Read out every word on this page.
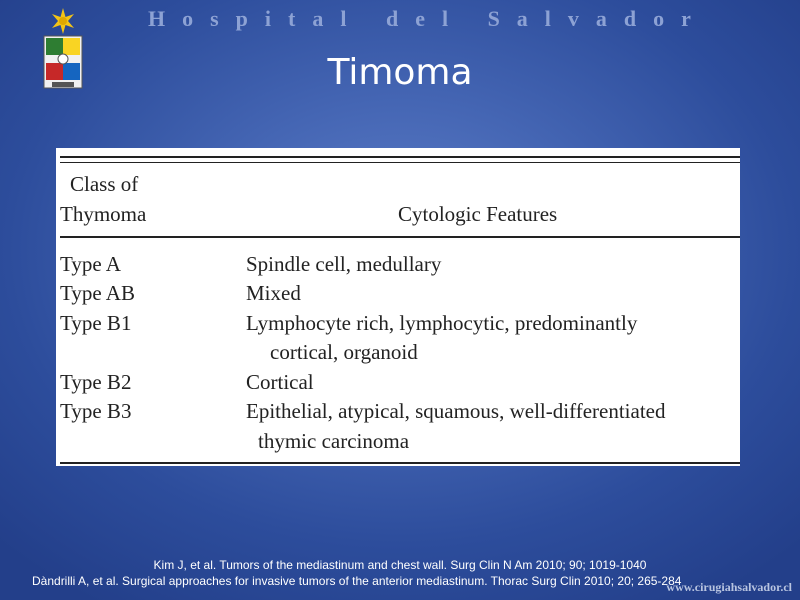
Hospital del Salvador
Timoma
Class of
Thymoma	Cytologic Features
Type A	Spindle cell, medullary
Type AB	Mixed
Type B1	Lymphocyte rich, lymphocytic, predominantly
cortical, organoid
Type B2	Cortical
Type B3	Epithelial, atypical, squamous, well-differentiated
thymic carcinoma
Kim J, et al. Tumors of the mediastinum and chest wall. Surg Clin N Am 2010; 90; 1019-1040
Dàndrilli A, et al. Surgical approaches for invasive tumors of the anterior mediastinum. Thorac Surg Clin 2010; 20; 265-284
www.cirugiahsalvador.cl
